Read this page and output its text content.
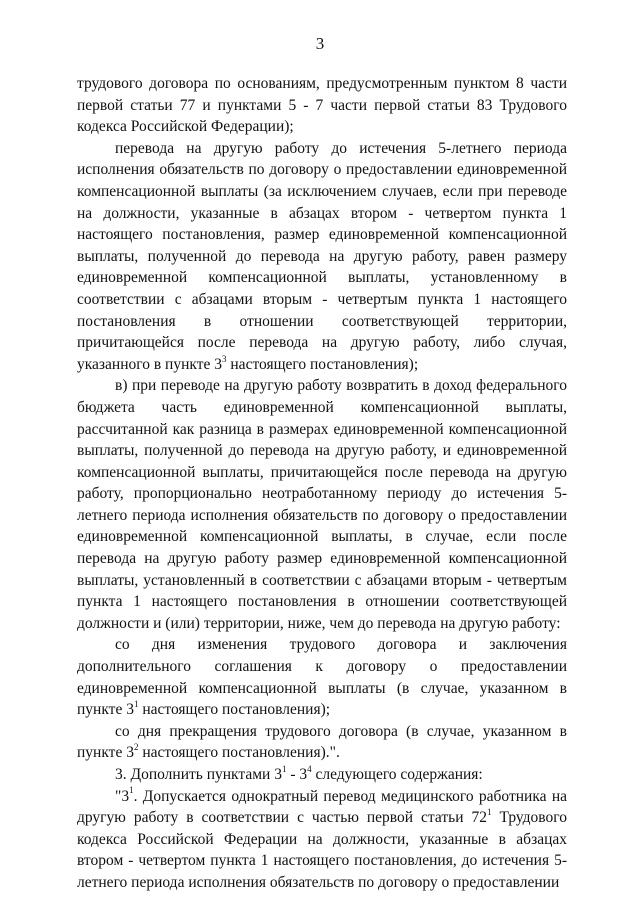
3

трудового договора по основаниям, предусмотренным пунктом 8 части первой статьи 77 и пунктами 5 - 7 части первой статьи 83 Трудового кодекса Российской Федерации);

перевода на другую работу до истечения 5-летнего периода исполнения обязательств по договору о предоставлении единовременной компенсационной выплаты (за исключением случаев, если при переводе на должности, указанные в абзацах втором - четвертом пункта 1 настоящего постановления, размер единовременной компенсационной выплаты, полученной до перевода на другую работу, равен размеру единовременной компенсационной выплаты, установленному в соответствии с абзацами вторым - четвертым пункта 1 настоящего постановления в отношении соответствующей территории, причитающейся после перевода на другую работу, либо случая, указанного в пункте $3^3$ настоящего постановления);

в) при переводе на другую работу возвратить в доход федерального бюджета часть единовременной компенсационной выплаты, рассчитанной как разница в размерах единовременной компенсационной выплаты, полученной до перевода на другую работу, и единовременной компенсационной выплаты, причитающейся после перевода на другую работу, пропорционально неотработанному периоду до истечения 5-летнего периода исполнения обязательств по договору о предоставлении единовременной компенсационной выплаты, в случае, если после перевода на другую работу размер единовременной компенсационной выплаты, установленный в соответствии с абзацами вторым - четвертым пункта 1 настоящего постановления в отношении соответствующей должности и (или) территории, ниже, чем до перевода на другую работу:

со дня изменения трудового договора и заключения дополнительного соглашения к договору о предоставлении единовременной компенсационной выплаты (в случае, указанном в пункте $3^1$ настоящего постановления);

со дня прекращения трудового договора (в случае, указанном в пункте $3^2$ настоящего постановления).".

3. Дополнить пунктами $3^1 - 3^4$ следующего содержания:

"$3^1$. Допускается однократный перевод медицинского работника на другую работу в соответствии с частью первой статьи $72^1$ Трудового кодекса Российской Федерации на должности, указанные в абзацах втором - четвертом пункта 1 настоящего постановления, до истечения 5-летнего периода исполнения обязательств по договору о предоставлении
